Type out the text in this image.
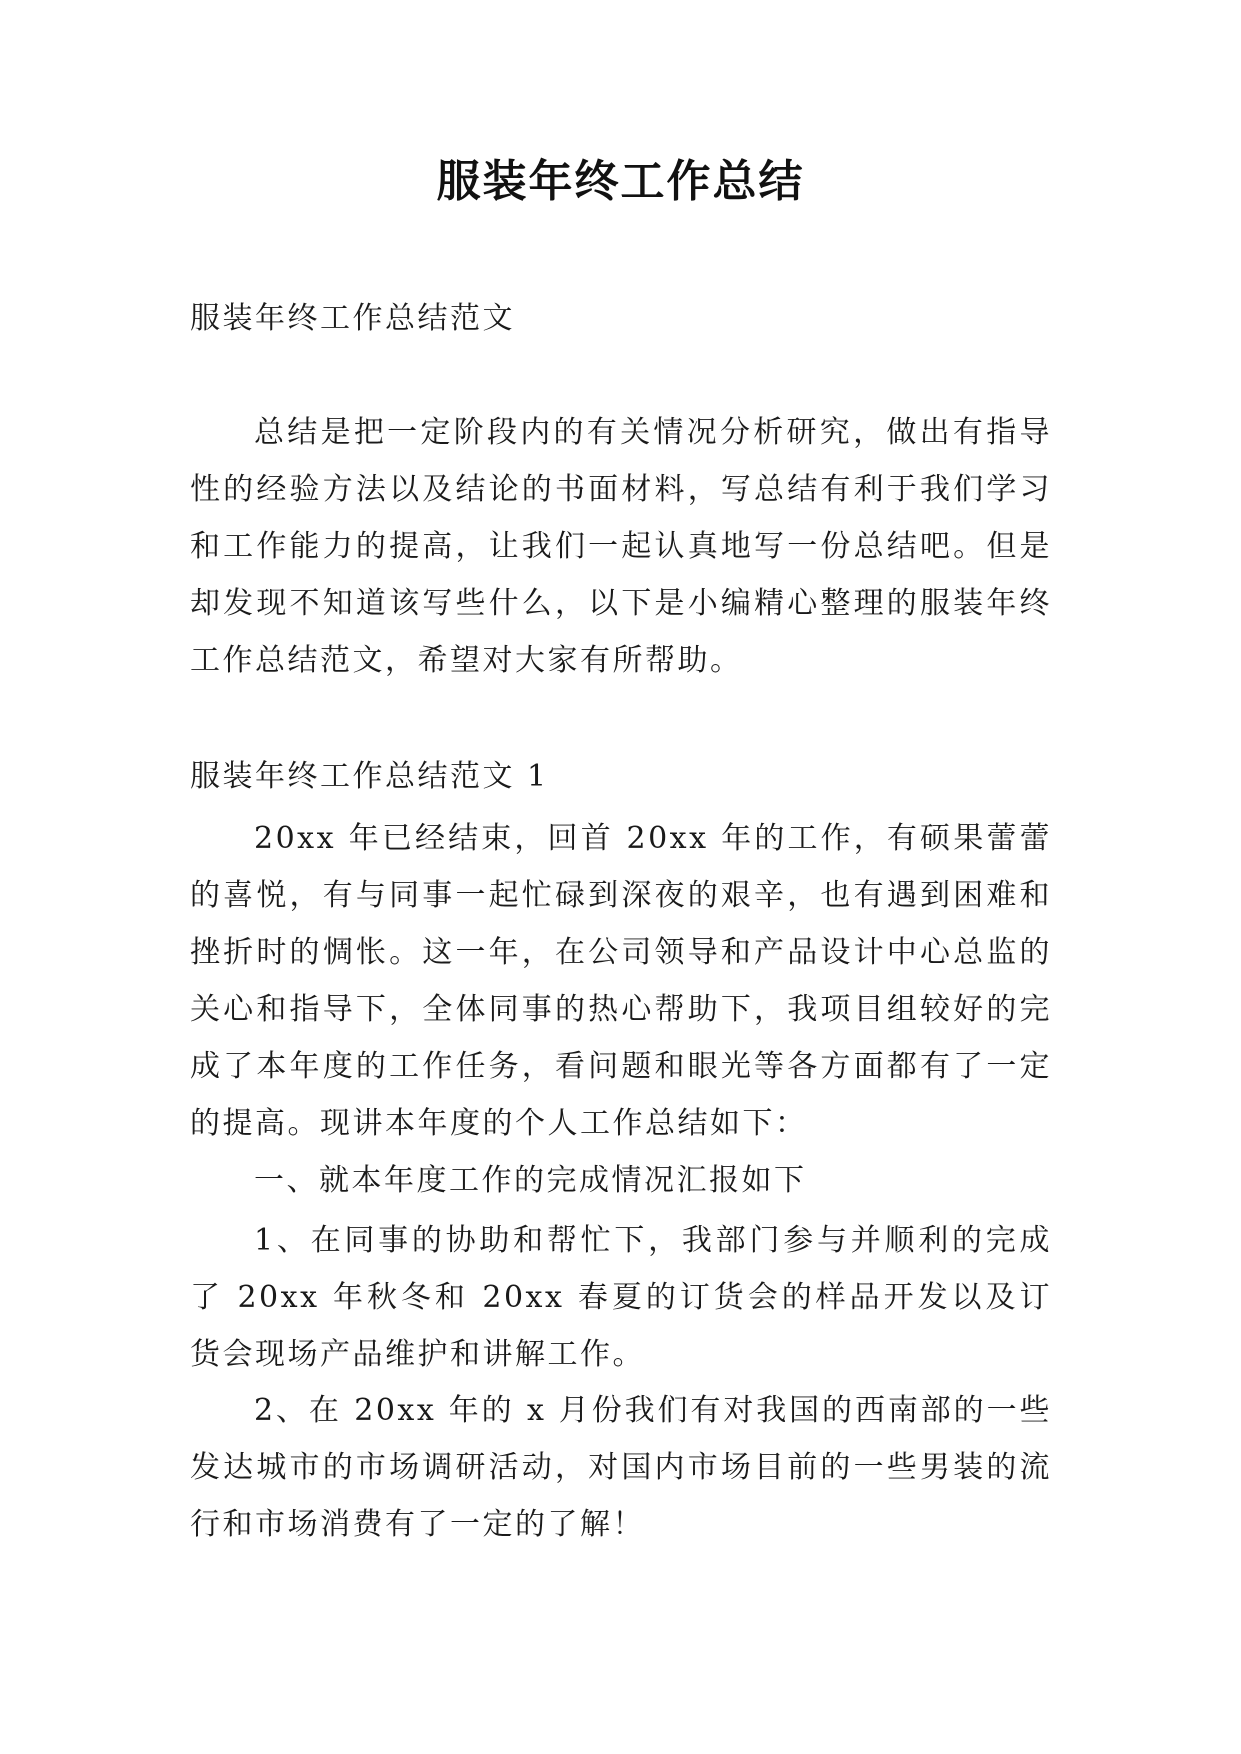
服装年终工作总结

服装年终工作总结范文

总结是把一定阶段内的有关情况分析研究，做出有指导性的经验方法以及结论的书面材料，写总结有利于我们学习和工作能力的提高，让我们一起认真地写一份总结吧。但是却发现不知道该写些什么，以下是小编精心整理的服装年终工作总结范文，希望对大家有所帮助。

服装年终工作总结范文 1

20xx 年已经结束，回首 20xx 年的工作，有硕果蕾蕾的喜悦，有与同事一起忙碌到深夜的艰辛，也有遇到困难和挫折时的惆怅。这一年，在公司领导和产品设计中心总监的关心和指导下，全体同事的热心帮助下，我项目组较好的完成了本年度的工作任务，看问题和眼光等各方面都有了一定的提高。现讲本年度的个人工作总结如下：

一、就本年度工作的完成情况汇报如下

1、在同事的协助和帮忙下，我部门参与并顺利的完成了 20xx 年秋冬和 20xx 春夏的订货会的样品开发以及订货会现场产品维护和讲解工作。

2、在 20xx 年的 x 月份我们有对我国的西南部的一些发达城市的市场调研活动，对国内市场目前的一些男装的流行和市场消费有了一定的了解！
